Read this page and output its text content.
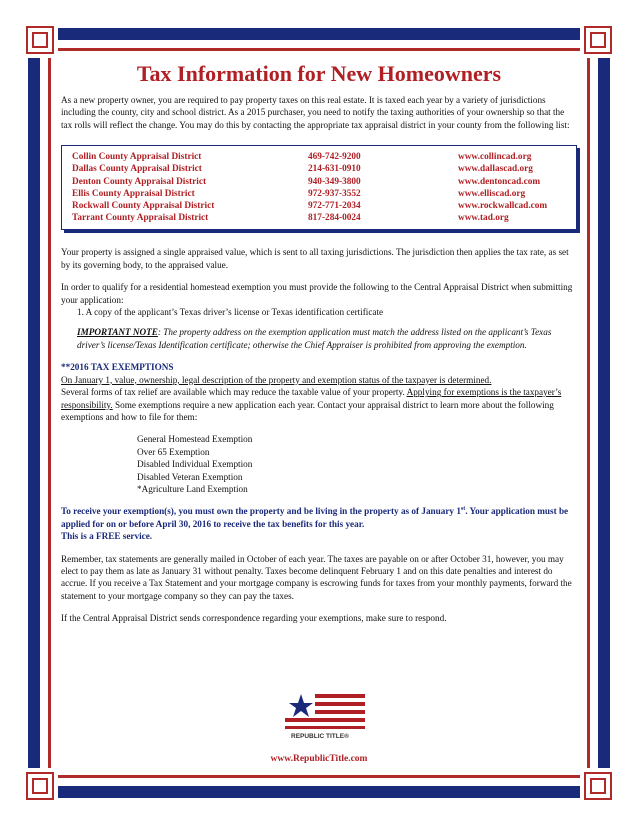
Tax Information for New Homeowners

As a new property owner, you are required to pay property taxes on this real estate. It is taxed each year by a variety of jurisdictions including the county, city and school district. As a 2015 purchaser, you need to notify the taxing authorities of your ownership so that the tax rolls will reflect the change. You may do this by contacting the appropriate tax appraisal district in your county from the following list:

Collin County Appraisal District	469-742-9200	www.collincad.org
Dallas County Appraisal District	214-631-0910	www.dallascad.org
Denton County Appraisal District	940-349-3800	www.dentoncad.com
Ellis County Appraisal District	972-937-3552	www.elliscad.org
Rockwall County Appraisal District	972-771-2034	www.rockwallcad.com
Tarrant County Appraisal District	817-284-0024	www.tad.org

Your property is assigned a single appraised value, which is sent to all taxing jurisdictions. The jurisdiction then applies the tax rate, as set by its governing body, to the appraised value.

In order to qualify for a residential homestead exemption you must provide the following to the Central Appraisal District when submitting your application:

1. A copy of the applicant’s Texas driver’s license or Texas identification certificate

IMPORTANT NOTE: The property address on the exemption application must match the address listed on the applicant’s Texas driver’s license/Texas Identification certificate; otherwise the Chief Appraiser is prohibited from approving the exemption.

**2016 TAX EXEMPTIONS

On January 1, value, ownership, legal description of the property and exemption status of the taxpayer is determined.

Several forms of tax relief are available which may reduce the taxable value of your property. Applying for exemptions is the taxpayer’s responsibility. Some exemptions require a new application each year. Contact your appraisal district to learn more about the following exemptions and how to file for them:

General Homestead Exemption
Over 65 Exemption
Disabled Individual Exemption
Disabled Veteran Exemption
*Agriculture Land Exemption

To receive your exemption(s), you must own the property and be living in the property as of January 1st. Your application must be applied for on or before April 30, 2016 to receive the tax benefits for this year.
This is a FREE service.

Remember, tax statements are generally mailed in October of each year. The taxes are payable on or after October 31, however, you may elect to pay them as late as January 31 without penalty. Taxes become delinquent February 1 and on this date penalties and interest do accrue. If you receive a Tax Statement and your mortgage company is escrowing funds for taxes from your monthly payments, forward the statement to your mortgage company so they can pay the taxes.

If the Central Appraisal District sends correspondence regarding your exemptions, make sure to respond.

REPUBLIC TITLE®
www.RepublicTitle.com
